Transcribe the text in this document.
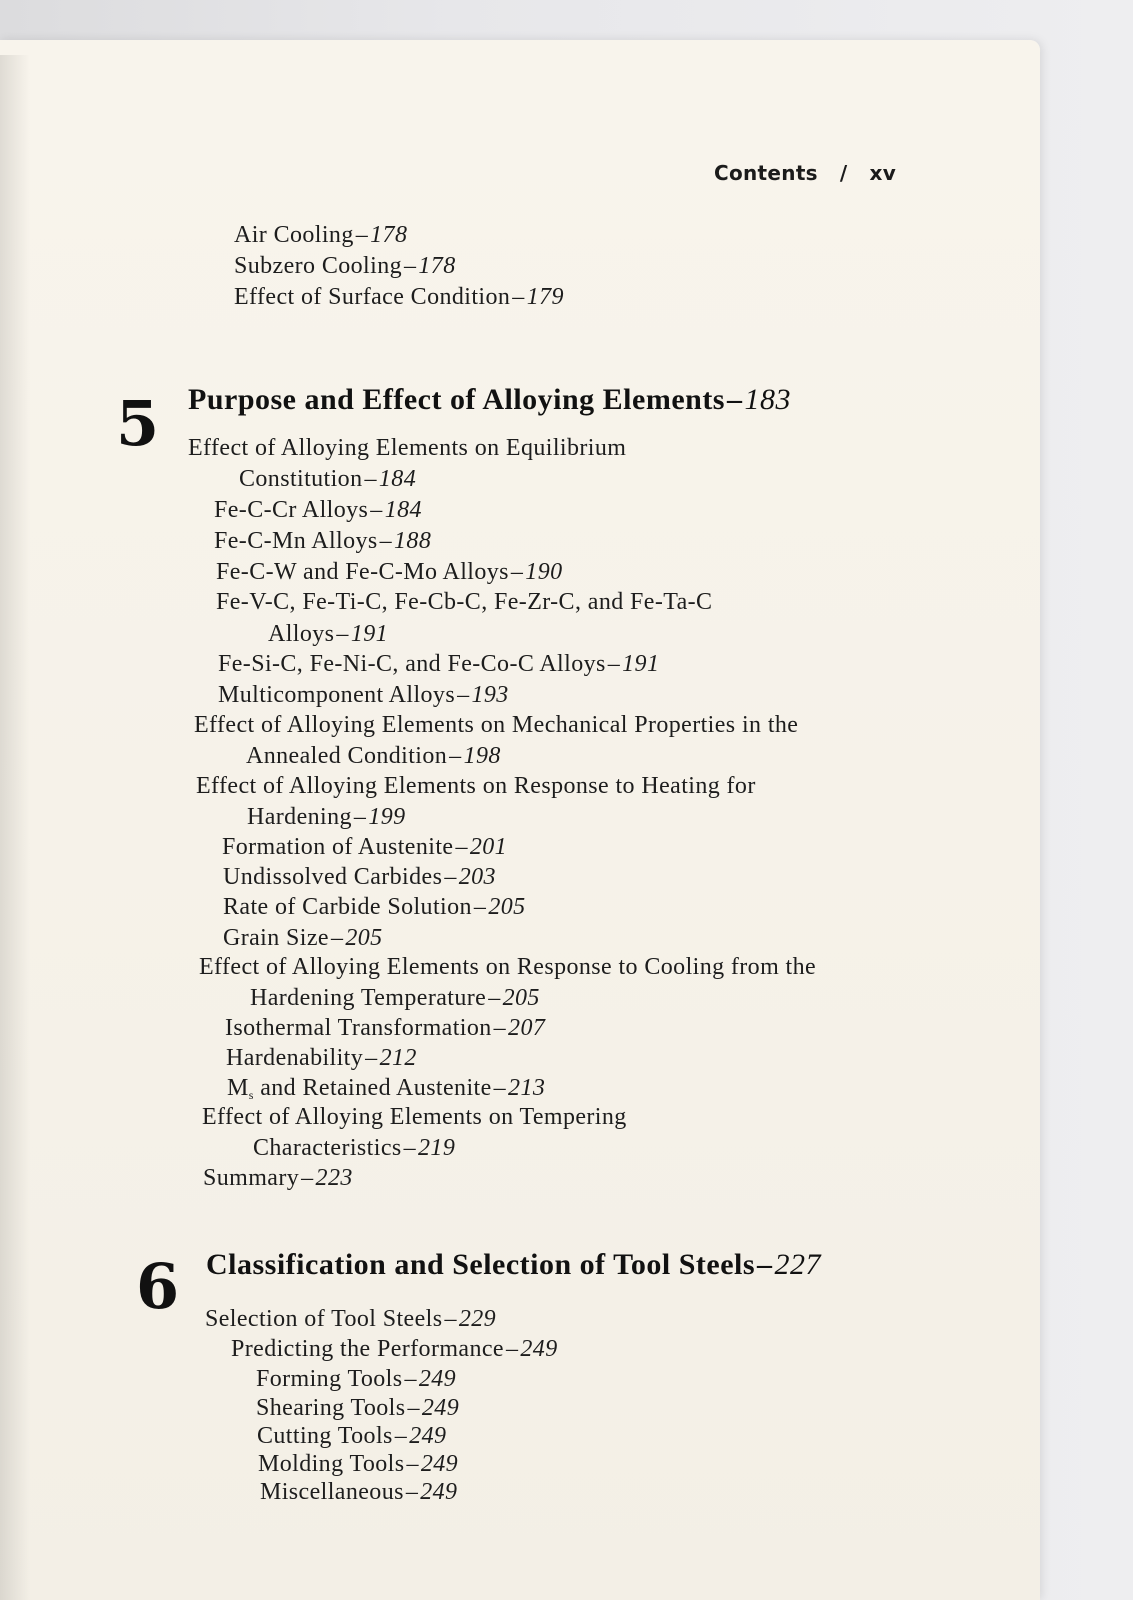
Contents / xv
Air Cooling–178
Subzero Cooling–178
Effect of Surface Condition–179
5 Purpose and Effect of Alloying Elements–183
Effect of Alloying Elements on Equilibrium
Constitution–184
Fe-C-Cr Alloys–184
Fe-C-Mn Alloys–188
Fe-C-W and Fe-C-Mo Alloys–190
Fe-V-C, Fe-Ti-C, Fe-Cb-C, Fe-Zr-C, and Fe-Ta-C
Alloys–191
Fe-Si-C, Fe-Ni-C, and Fe-Co-C Alloys–191
Multicomponent Alloys–193
Effect of Alloying Elements on Mechanical Properties in the
Annealed Condition–198
Effect of Alloying Elements on Response to Heating for
Hardening–199
Formation of Austenite–201
Undissolved Carbides–203
Rate of Carbide Solution–205
Grain Size–205
Effect of Alloying Elements on Response to Cooling from the
Hardening Temperature–205
Isothermal Transformation–207
Hardenability–212
$M_s$ and Retained Austenite–213
Effect of Alloying Elements on Tempering
Characteristics–219
Summary–223
6 Classification and Selection of Tool Steels–227
Selection of Tool Steels–229
Predicting the Performance–249
Forming Tools–249
Shearing Tools–249
Cutting Tools–249
Molding Tools–249
Miscellaneous–249
